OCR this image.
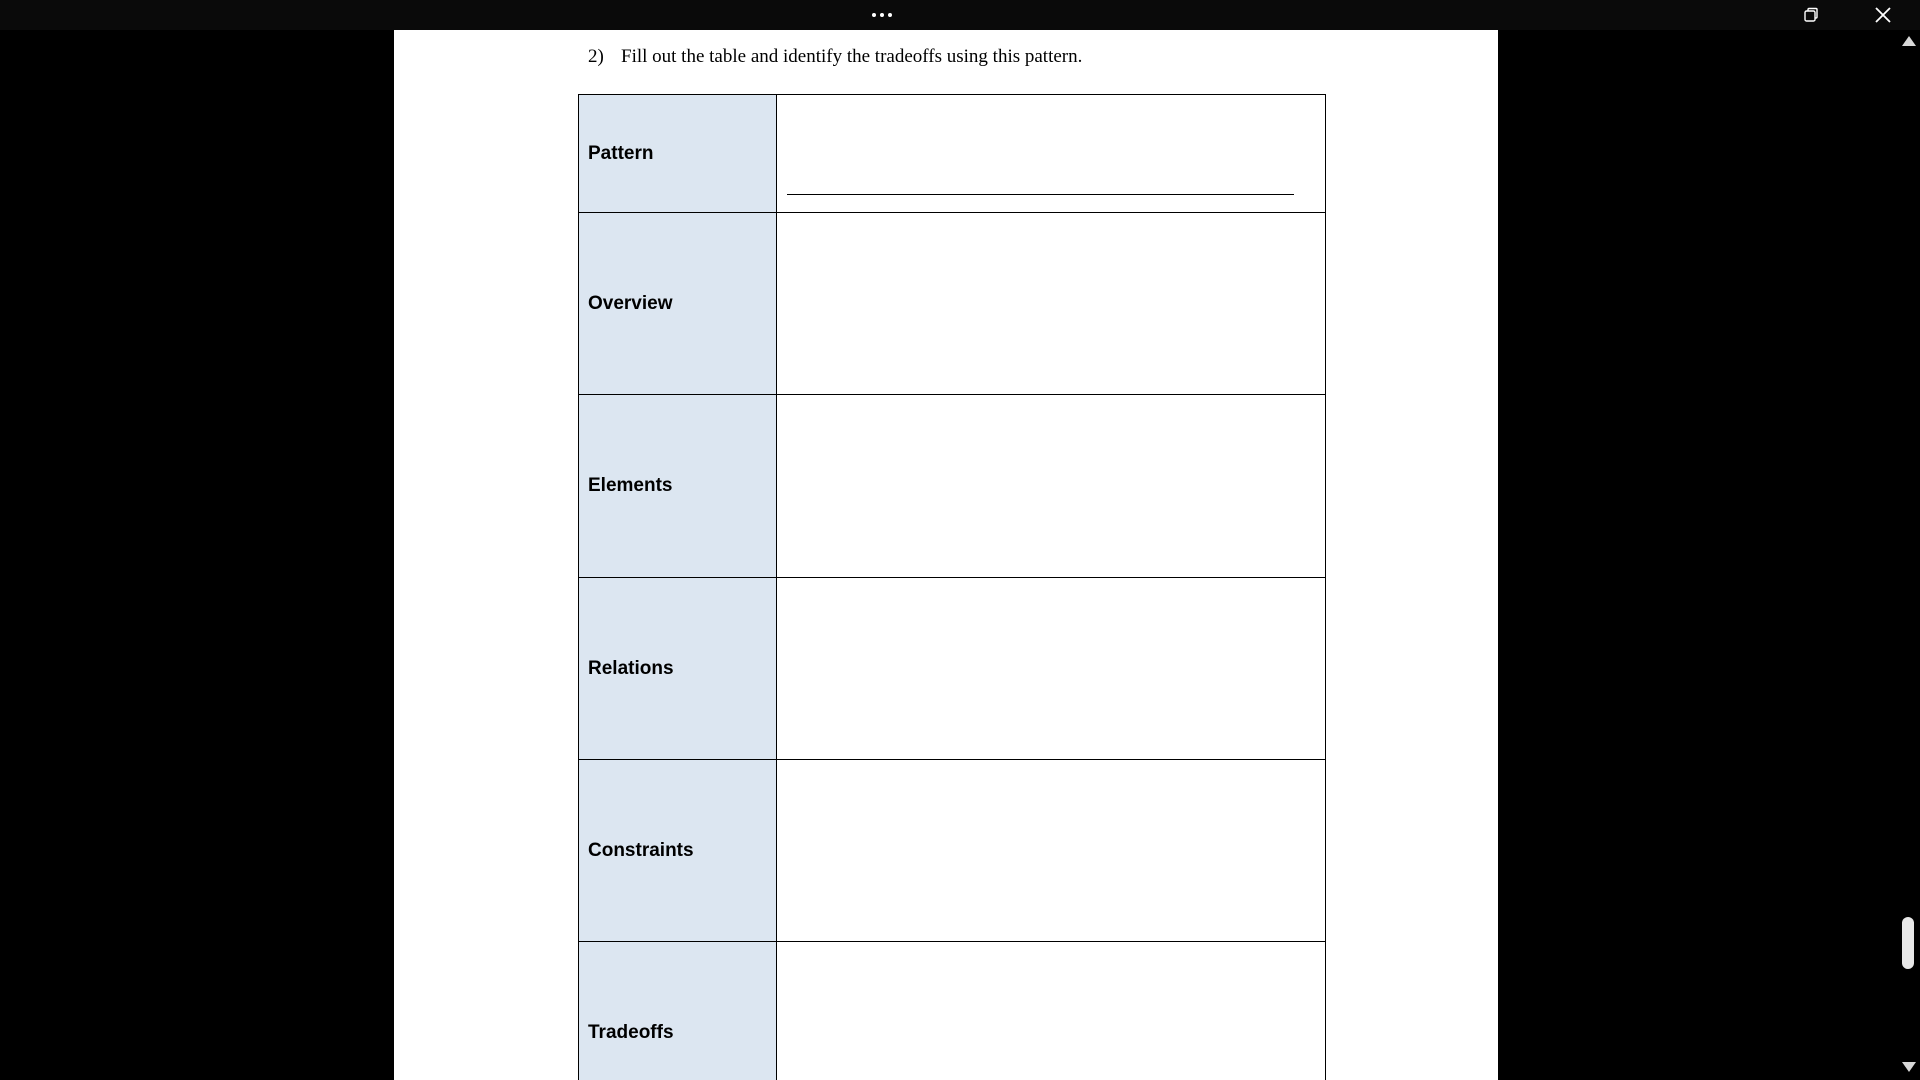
2) Fill out the table and identify the tradeoffs using this pattern.
Pattern	

Overview	
Elements	
Relations	
Constraints	
Tradeoffs	
